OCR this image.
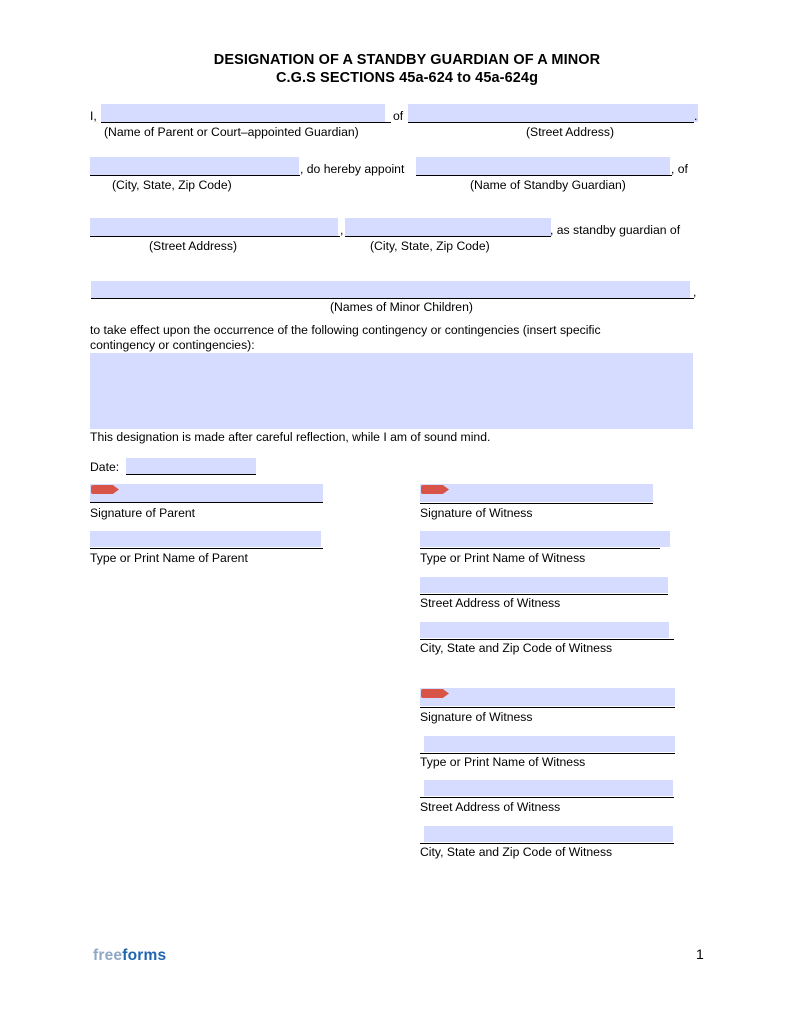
DESIGNATION OF A STANDBY GUARDIAN OF A MINOR
C.G.S SECTIONS 45a-624 to 45a-624g
I,	of	.
(Name of Parent or Court–appointed Guardian)	(Street Address)
, do hereby appoint	, of
(City, State, Zip Code)	(Name of Standby Guardian)
,	, as standby guardian of
(Street Address)	(City, State, Zip Code)
,
(Names of Minor Children)
to take effect upon the occurrence of the following contingency or contingencies (insert specific
contingency or contingencies):
This designation is made after careful reflection, while I am of sound mind.
Date:
Signature of Parent
Type or Print Name of Parent
Signature of Witness
Type or Print Name of Witness
Street Address of Witness
City, State and Zip Code of Witness
Signature of Witness
Type or Print Name of Witness
Street Address of Witness
City, State and Zip Code of Witness
freeforms	1
